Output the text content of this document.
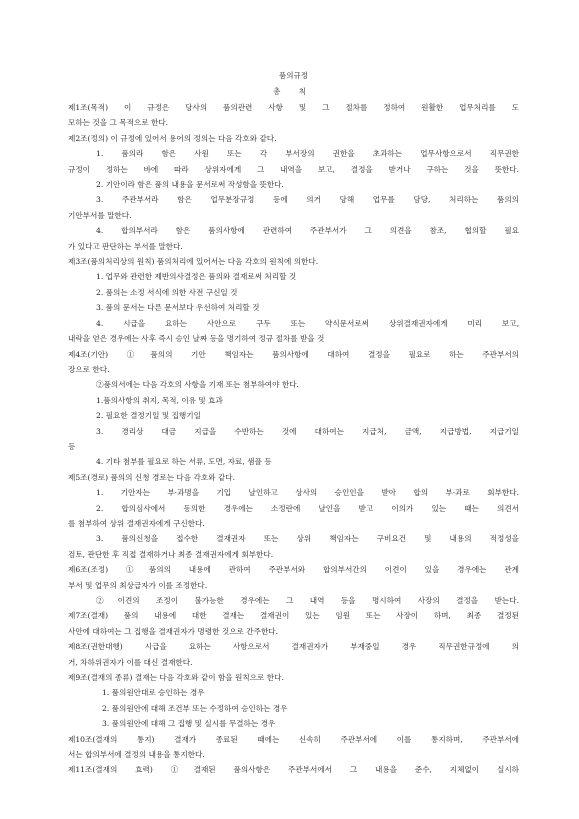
품의규정
총 칙
제1조(목적) 이 규정은 당사의 품의관련 사항 및 그 절차를 정하여 원활한 업무처리를 도
모하는 것을 그 목적으로 한다.
제2조(정의) 이 규정에 있어서 용어의 정의는 다음 각호와 같다.
1. 품의라 함은 사원 또는 각 부서장의 권한을 초과하는 업무사항으로서 직무권한
규정이 정하는 바에 따라 상위자에게 그 내역을 보고, 결정을 받거나 구하는 것을 뜻한다.
2. 기안이라 함은 품의 내용을 문서로써 작성함을 뜻한다.
3. 주관부서라 함은 업무분장규정 등에 의거 당해 업무를 담당, 처리하는 품의의
기안부서를 말한다.
4. 합의부서라 함은 품의사항에 관련하여 주관부서가 그 의견을 참조, 협의할 필요
가 있다고 판단하는 부서를 말한다.
제3조(품의처리상의 원칙) 품의처리에 있어서는 다음 각호의 원칙에 의한다.
1. 업무와 관련한 제반의사결정은 품의와 결재로써 처리할 것
2. 품의는 소정 서식에 의한 사전 구신일 것
3. 품의 문서는 다른 문서보다 우선하여 처리할 것
4. 시급을 요하는 사안으로 구두 또는 약식문서로써 상위결재권자에게 미리 보고,
내락을 얻은 경우에는 사후 즉시 승인 날짜 등을 명기하여 정규 절차를 받을 것
제4조(기안) ①품의의 기안 책임자는 품의사항에 대하여 결정을 필요로 하는 주관부서의
장으로 한다.
②품의서에는 다음 각호의 사항을 기재 또는 첨부하여야 한다.
1.품의사항의 취지, 목적, 이유 및 효과
2. 필요한 결정기일 및 집행기일
3. 경리상 대금 지급을 수반하는 것에 대하여는 지급처, 금액, 지급방법, 지급기일
등
4. 기타 첨부를 필요로 하는 서류, 도면, 자료, 샘플 등
제5조(경로) 품의의 신청 경로는 다음 각호와 같다.
1. 기안자는 부·과명을 기입 날인하고 상사의 승인인을 받아 합의 부·과로 회부한다.
2. 합의심사에서 동의한 경우에는 소정란에 날인을 받고 이의가 있는 때는 의견서
를 첨부하여 상위 결재권자에게 구신한다.
3. 품의신청을 접수한 결재권자 또는 상위 책임자는 구비요건 및 내용의 적정성을
검토, 판단한 후 직접 결재하거나 최종 결재권자에게 회부한다.
제6조(조정) ①품의의 내용에 관하여 주관부서와 합의부서간의 이견이 있을 경우에는 관계
부서 및 업무의 최상급자가 이를 조정한다.
②이견의 조정이 불가능한 경우에는 그 내역 등을 명시하여 사장의 결정을 받는다.
제7조(결재) 품의 내용에 대한 결재는 결재권이 있는 임원 또는 사장이 하며, 최종 결정된
사안에 대하여는 그 집행을 결재권자가 명령한 것으로 간주한다.
제8조(권한대행) 시급을 요하는 사항으로서 결재권자가 부재중일 경우 직무권한규정에 의
거, 차하위권자가 이를 대신 결재한다.
제9조(결재의 종류) 결재는 다음 각호와 같이 함을 원칙으로 한다.
1. 품의원안대로 승인하는 경우
2. 품의원안에 대해 조건부 또는 수정하여 승인하는 경우
3. 품의원안에 대해 그 집행 및 실시를 무결하는 경우
제10조(결재의 통지) 결재가 종료된 때에는 신속히 주관부서에 이를 통지하며, 주관부서에
서는 합의부서에 결정의 내용을 통지한다.
제11조(결재의 효력) ①결재된 품의사항은 주관부서에서 그 내용을 준수, 지체없이 실시하
